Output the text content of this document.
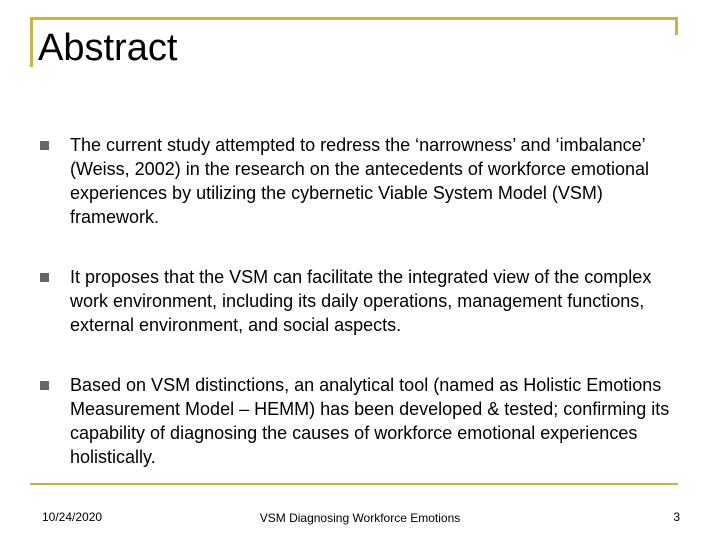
Abstract
The current study attempted to redress the ‘narrowness’ and ‘imbalance’ (Weiss, 2002) in the research on the antecedents of workforce emotional experiences by utilizing the cybernetic Viable System Model (VSM) framework.
It proposes that the VSM can facilitate the integrated view of the complex work environment, including its daily operations, management functions, external environment, and social aspects.
Based on VSM distinctions, an analytical tool (named as Holistic Emotions Measurement Model – HEMM) has been developed & tested; confirming its capability of diagnosing the causes of workforce emotional experiences holistically.
10/24/2020	VSM Diagnosing Workforce Emotions	3
